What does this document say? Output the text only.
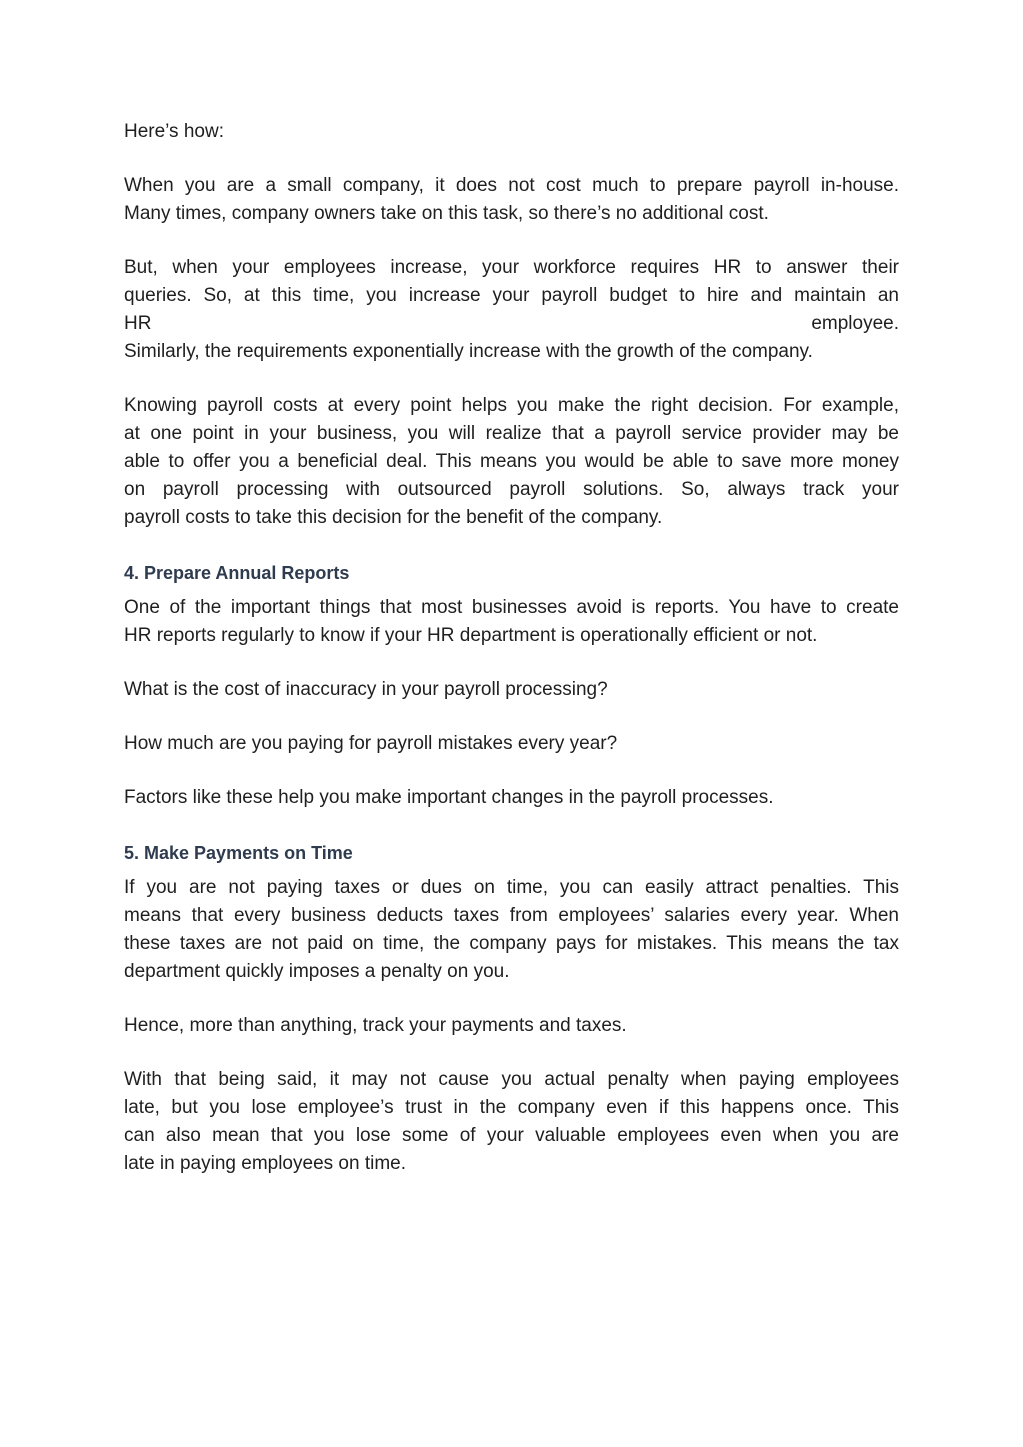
Here’s how:

When you are a small company, it does not cost much to prepare payroll in-house.
Many times, company owners take on this task, so there’s no additional cost.

But, when your employees increase, your workforce requires HR to answer their
queries. So, at this time, you increase your payroll budget to hire and maintain an
HR	employee.
Similarly, the requirements exponentially increase with the growth of the company.

Knowing payroll costs at every point helps you make the right decision. For example,
at one point in your business, you will realize that a payroll service provider may be
able to offer you a beneficial deal. This means you would be able to save more money
on payroll processing with outsourced payroll solutions. So, always track your
payroll costs to take this decision for the benefit of the company.

4. Prepare Annual Reports

One of the important things that most businesses avoid is reports. You have to create
HR reports regularly to know if your HR department is operationally efficient or not.

What is the cost of inaccuracy in your payroll processing?

How much are you paying for payroll mistakes every year?

Factors like these help you make important changes in the payroll processes.

5. Make Payments on Time

If you are not paying taxes or dues on time, you can easily attract penalties. This
means that every business deducts taxes from employees’ salaries every year. When
these taxes are not paid on time, the company pays for mistakes. This means the tax
department quickly imposes a penalty on you.

Hence, more than anything, track your payments and taxes.

With that being said, it may not cause you actual penalty when paying employees
late, but you lose employee’s trust in the company even if this happens once. This
can also mean that you lose some of your valuable employees even when you are
late in paying employees on time.
